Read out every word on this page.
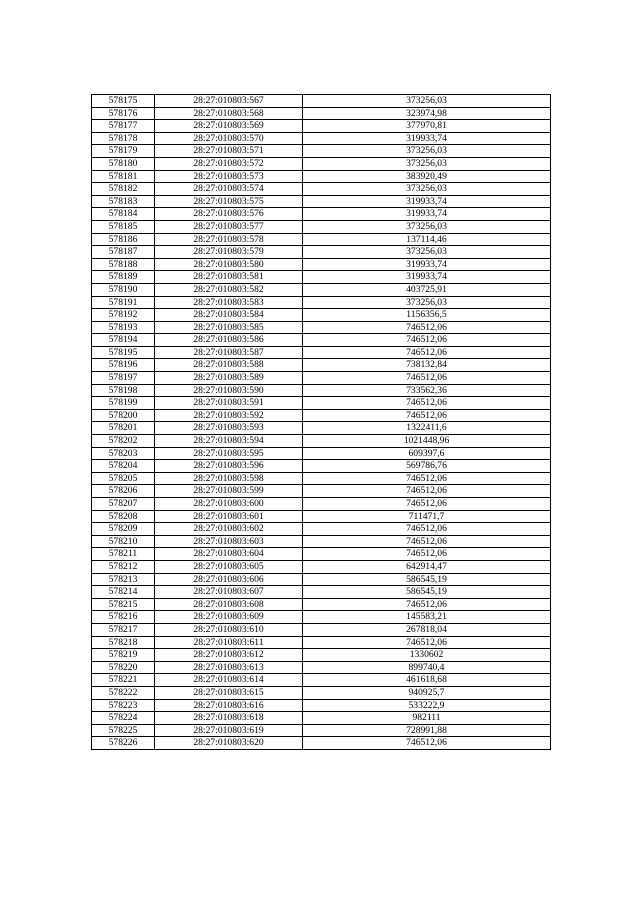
578175	28:27:010803:567	373256,03
578176	28:27:010803:568	323974,98
578177	28:27:010803:569	377970,81
578178	28:27:010803:570	319933,74
578179	28:27:010803:571	373256,03
578180	28:27:010803:572	373256,03
578181	28:27:010803:573	383920,49
578182	28:27:010803:574	373256,03
578183	28:27:010803:575	319933,74
578184	28:27:010803:576	319933,74
578185	28:27:010803:577	373256,03
578186	28:27:010803:578	137114,46
578187	28:27:010803:579	373256,03
578188	28:27:010803:580	319933,74
578189	28:27:010803:581	319933,74
578190	28:27:010803:582	403725,91
578191	28:27:010803:583	373256,03
578192	28:27:010803:584	1156356,5
578193	28:27:010803:585	746512,06
578194	28:27:010803:586	746512,06
578195	28:27:010803:587	746512,06
578196	28:27:010803:588	738132,84
578197	28:27:010803:589	746512,06
578198	28:27:010803:590	733562,36
578199	28:27:010803:591	746512,06
578200	28:27:010803:592	746512,06
578201	28:27:010803:593	1322411,6
578202	28:27:010803:594	1021448,96
578203	28:27:010803:595	609397,6
578204	28:27:010803:596	569786,76
578205	28:27:010803:598	746512,06
578206	28:27:010803:599	746512,06
578207	28:27:010803:600	746512,06
578208	28:27:010803:601	711471,7
578209	28:27:010803:602	746512,06
578210	28:27:010803:603	746512,06
578211	28:27:010803:604	746512,06
578212	28:27:010803:605	642914,47
578213	28:27:010803:606	586545,19
578214	28:27:010803:607	586545,19
578215	28:27:010803:608	746512,06
578216	28:27:010803:609	145583,21
578217	28:27:010803:610	267818,04
578218	28:27:010803:611	746512,06
578219	28:27:010803:612	1330602
578220	28:27:010803:613	899740,4
578221	28:27:010803:614	461618,68
578222	28:27:010803:615	940925,7
578223	28:27:010803:616	533222,9
578224	28:27:010803:618	982111
578225	28:27:010803:619	728991,88
578226	28:27:010803:620	746512,06
